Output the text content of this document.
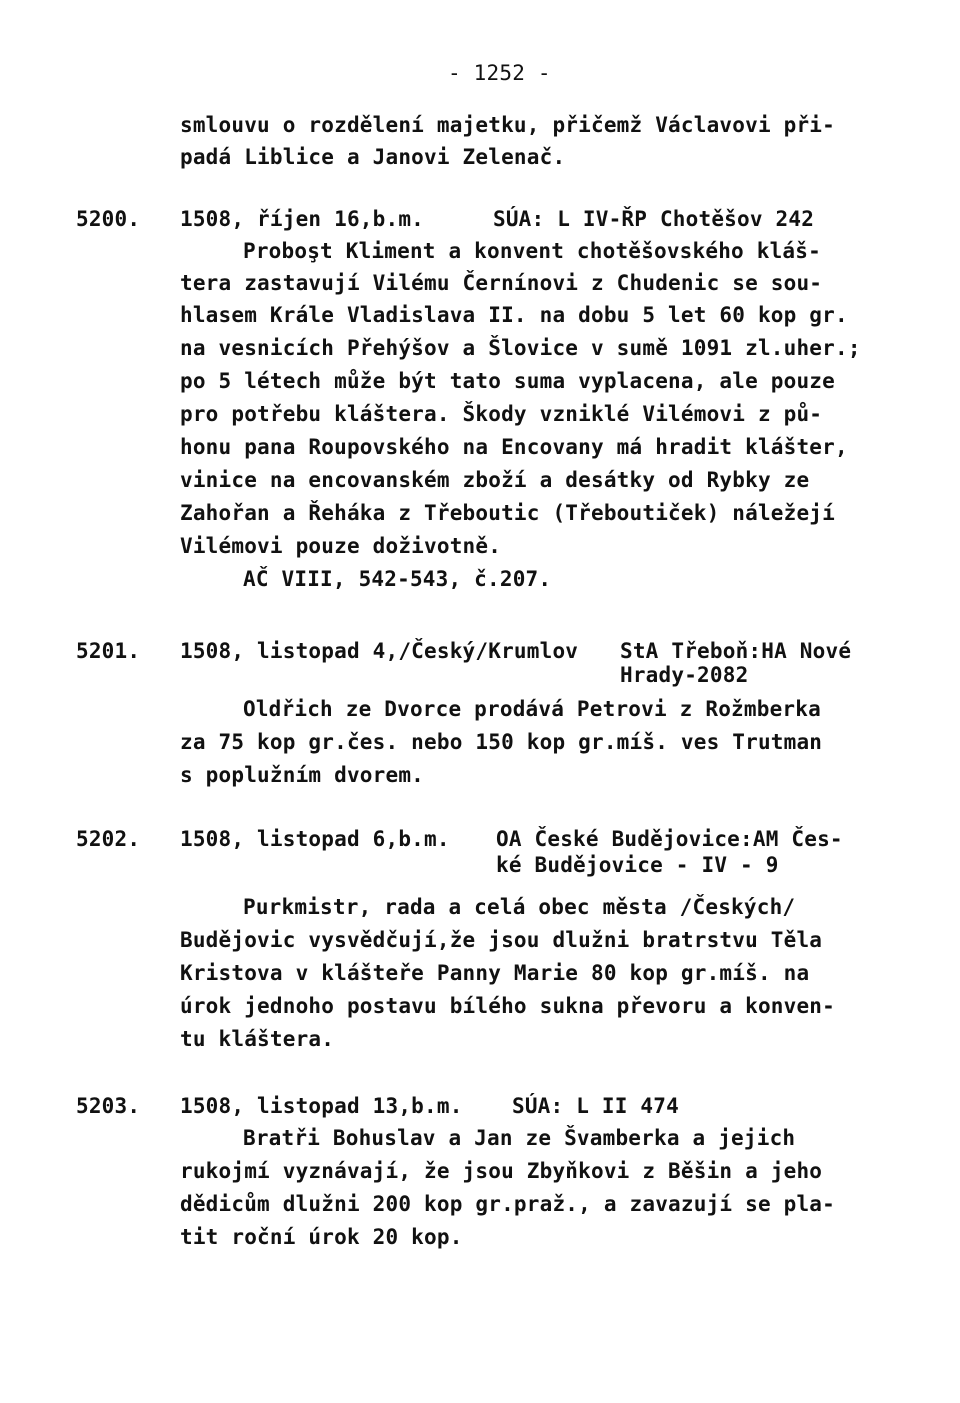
- 1252 -
smlouvu o rozdělení majetku, přičemž Václavovi při-
padá Liblice a Janovi Zelenač.
5200. 1508, říjen 16,b.m.	SÚA: L IV-ŘP Chotěšov 242
Proboşt Kliment a konvent chotěšovského kláš-
tera zastavují Vilému Černínovi z Chudenic se sou-
hlasem Krále Vladislava II. na dobu 5 let 60 kop gr.
na vesnicích Přehýšov a Šlovice v sumě 1091 zl.uher.;
po 5 létech může být tato suma vyplacena, ale pouze
pro potřebu kláštera. Škody vzniklé Vilémovi z pů-
honu pana Roupovského na Encovany má hradit klášter,
vinice na encovanském zboží a desátky od Rybky ze
Zahořan a Řeháka z Třeboutic (Třeboutiček) náležejí
Vilémovi pouze doživotně.
AČ VIII, 542-543, č.207.
5201. 1508, listopad 4,/Český/Krumlov StA Třeboň:HA Nové
Hrady-2082
Oldřich ze Dvorce prodává Petrovi z Rožmberka
za 75 kop gr.čes. nebo 150 kop gr.míš. ves Trutman
s poplužním dvorem.
5202. 1508, listopad 6,b.m. OA České Budějovice:AM Čes-
ké Budějovice - IV - 9
Purkmistr, rada a celá obec města /Českých/
Budějovic vysvědčují,že jsou dlužni bratrstvu Těla
Kristova v klášteře Panny Marie 80 kop gr.míš. na
úrok jednoho postavu bílého sukna převoru a konven-
tu kláštera.
5203. 1508, listopad 13,b.m. SÚA: L II 474
Bratři Bohuslav a Jan ze Švamberka a jejich
rukojmí vyznávají, že jsou Zbyňkovi z Běšin a jeho
dědicům dlužni 200 kop gr.praž., a zavazují se pla-
tit roční úrok 20 kop.
